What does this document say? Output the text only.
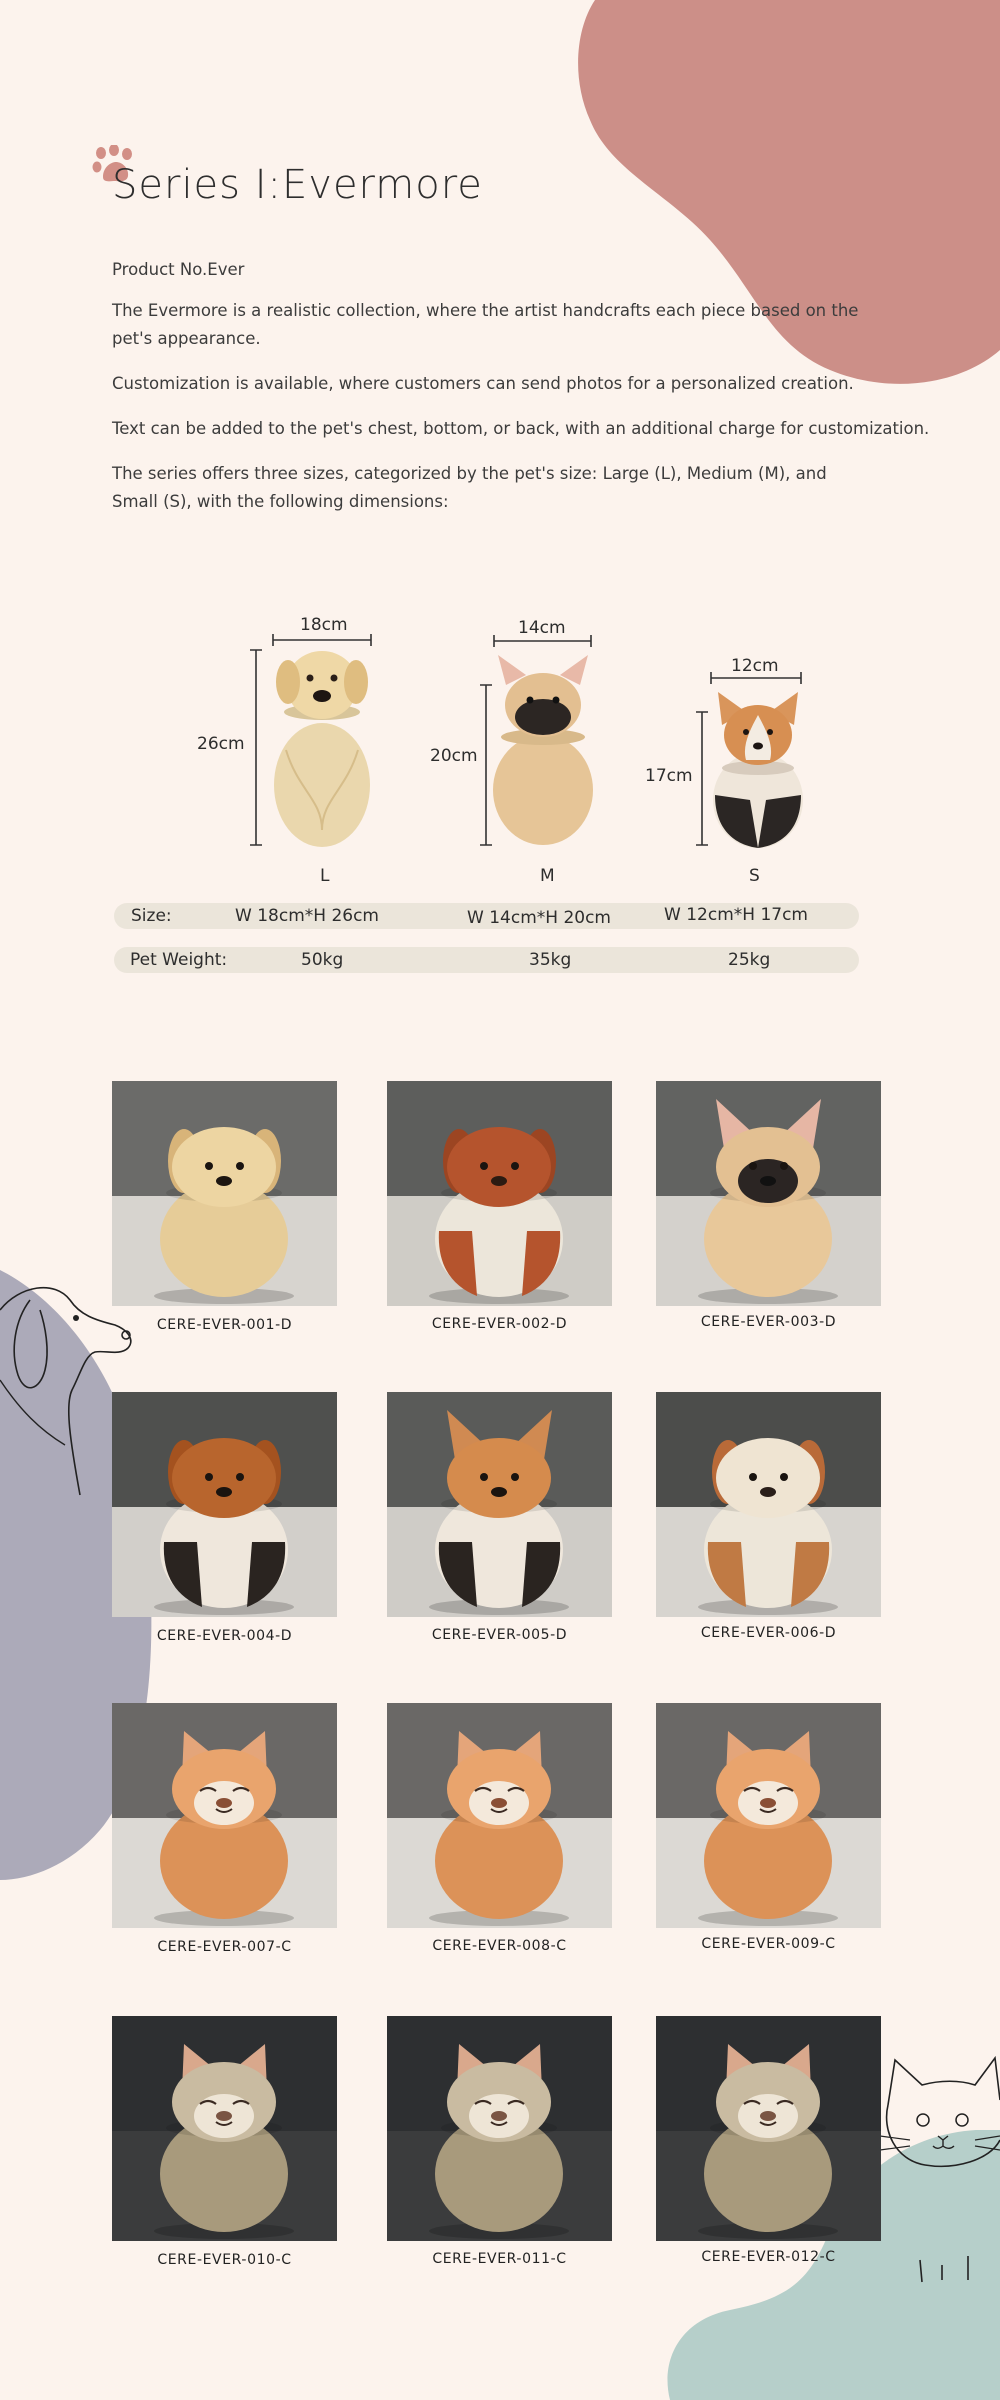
Series I:Evermore

Product No.Ever

The Evermore is a realistic collection, where the artist handcrafts each piece based on the pet's appearance.

Customization is available, where customers can send photos for a personalized creation.

Text can be added to the pet's chest, bottom, or back, with an additional charge for customization.

The series offers three sizes, categorized by the pet's size: Large (L), Medium (M), and Small (S), with the following dimensions:

18cm
26cm
L
14cm
20cm
M
12cm
17cm
S
Size:	W 18cm*H 26cm	W 14cm*H 20cm	W 12cm*H 17cm
Pet Weight:	50kg	35kg	25kg
CERE-EVER-001-D	CERE-EVER-002-D	CERE-EVER-003-D
CERE-EVER-004-D	CERE-EVER-005-D	CERE-EVER-006-D
CERE-EVER-007-C	CERE-EVER-008-C	CERE-EVER-009-C
CERE-EVER-010-C	CERE-EVER-011-C	CERE-EVER-012-C
